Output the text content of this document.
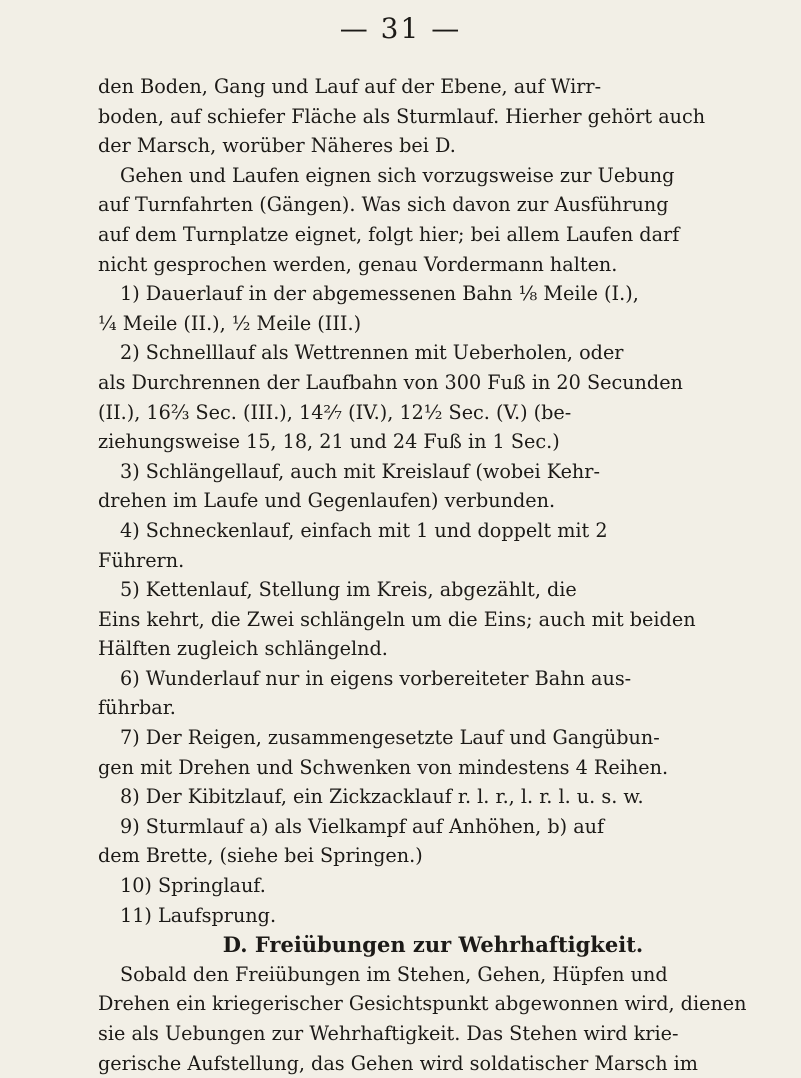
— 31 —
den Boden, Gang und Lauf auf der Ebene, auf Wirr-
boden, auf schiefer Fläche als Sturmlauf. Hierher gehört auch
der Marsch, worüber Näheres bei D.
Gehen und Laufen eignen sich vorzugsweise zur Uebung
auf Turnfahrten (Gängen). Was sich davon zur Ausführung
auf dem Turnplatze eignet, folgt hier; bei allem Laufen darf
nicht gesprochen werden, genau Vordermann halten.
1) Dauerlauf in der abgemessenen Bahn ⅛ Meile (I.),
¼ Meile (II.), ½ Meile (III.)
2) Schnelllauf als Wettrennen mit Ueberholen, oder
als Durchrennen der Laufbahn von 300 Fuß in 20 Secunden
(II.), 16⅔ Sec. (III.), 14²⁄₇ (IV.), 12½ Sec. (V.) (be-
ziehungsweise 15, 18, 21 und 24 Fuß in 1 Sec.)
3) Schlängellauf, auch mit Kreislauf (wobei Kehr-
drehen im Laufe und Gegenlaufen) verbunden.
4) Schneckenlauf, einfach mit 1 und doppelt mit 2
Führern.
5) Kettenlauf, Stellung im Kreis, abgezählt, die
Eins kehrt, die Zwei schlängeln um die Eins; auch mit beiden
Hälften zugleich schlängelnd.
6) Wunderlauf nur in eigens vorbereiteter Bahn aus-
führbar.
7) Der Reigen, zusammengesetzte Lauf und Gangübun-
gen mit Drehen und Schwenken von mindestens 4 Reihen.
8) Der Kibitzlauf, ein Zickzacklauf r. l. r., l. r. l. u. s. w.
9) Sturmlauf a) als Vielkampf auf Anhöhen, b) auf
dem Brette, (siehe bei Springen.)
10) Springlauf.
11) Laufsprung.
D. Freiübungen zur Wehrhaftigkeit.
Sobald den Freiübungen im Stehen, Gehen, Hüpfen und
Drehen ein kriegerischer Gesichtspunkt abgewonnen wird, dienen
sie als Uebungen zur Wehrhaftigkeit. Das Stehen wird krie-
gerische Aufstellung, das Gehen wird soldatischer Marsch im
